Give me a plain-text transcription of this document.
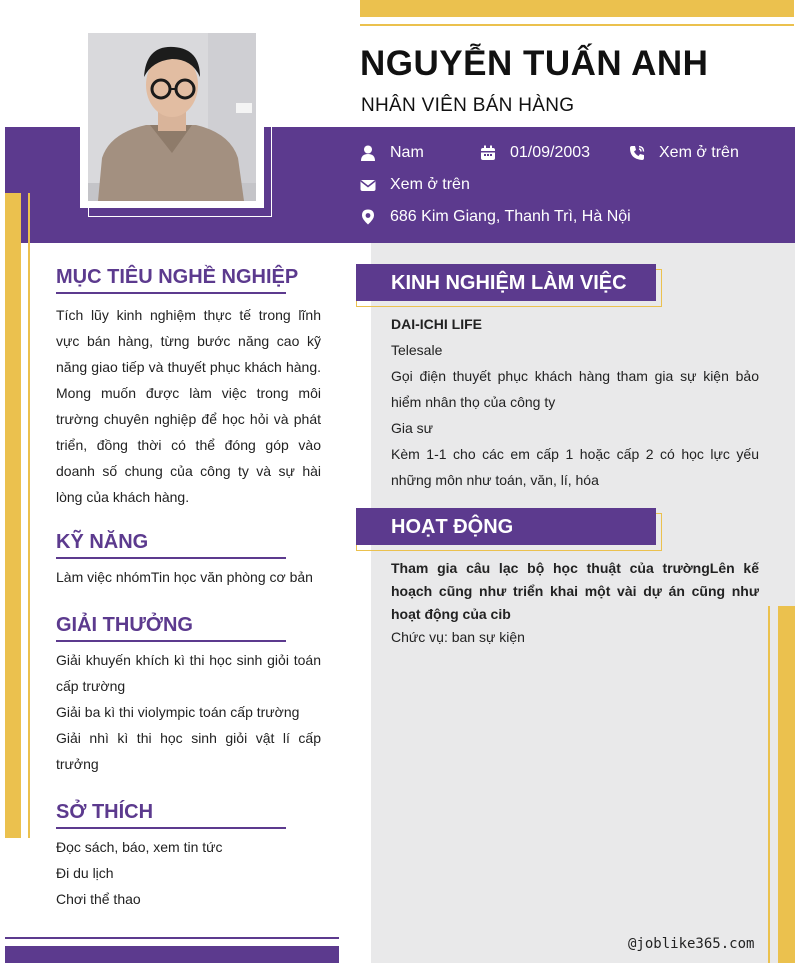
NGUYỄN TUẤN ANH
NHÂN VIÊN BÁN HÀNG
Nam	01/09/2003	Xem ở trên
Xem ở trên
686 Kim Giang, Thanh Trì, Hà Nội
MỤC TIÊU NGHỀ NGHIỆP
Tích lũy kinh nghiệm thực tế trong lĩnh vực bán hàng, từng bước năng cao kỹ năng giao tiếp và thuyết phục khách hàng. Mong muốn được làm việc trong môi trường chuyên nghiệp để học hỏi và phát triển, đồng thời có thể đóng góp vào doanh số chung của công ty và sự hài lòng của khách hàng.
KỸ NĂNG
Làm việc nhómTin học văn phòng cơ bản
GIẢI THƯỞNG
Giải khuyến khích kì thi học sinh giỏi toán cấp trường
Giải ba kì thi violympic toán cấp trường
Giải nhì kì thi học sinh giỏi vật lí cấp trưởng
SỞ THÍCH
Đọc sách, báo, xem tin tức
Đi du lịch
Chơi thể thao
KINH NGHIỆM LÀM VIỆC
DAI-ICHI LIFE
Telesale
Gọi điện thuyết phục khách hàng tham gia sự kiện bảo hiểm nhân thọ của công ty
Gia sư
Kèm 1-1 cho các em cấp 1 hoặc cấp 2 có học lực yếu những môn như toán, văn, lí, hóa
HOẠT ĐỘNG
Tham gia câu lạc bộ học thuật của trườngLên kế hoạch cũng như triển khai một vài dự án cũng như hoạt động của cib
Chức vụ: ban sự kiện
@joblike365.com
